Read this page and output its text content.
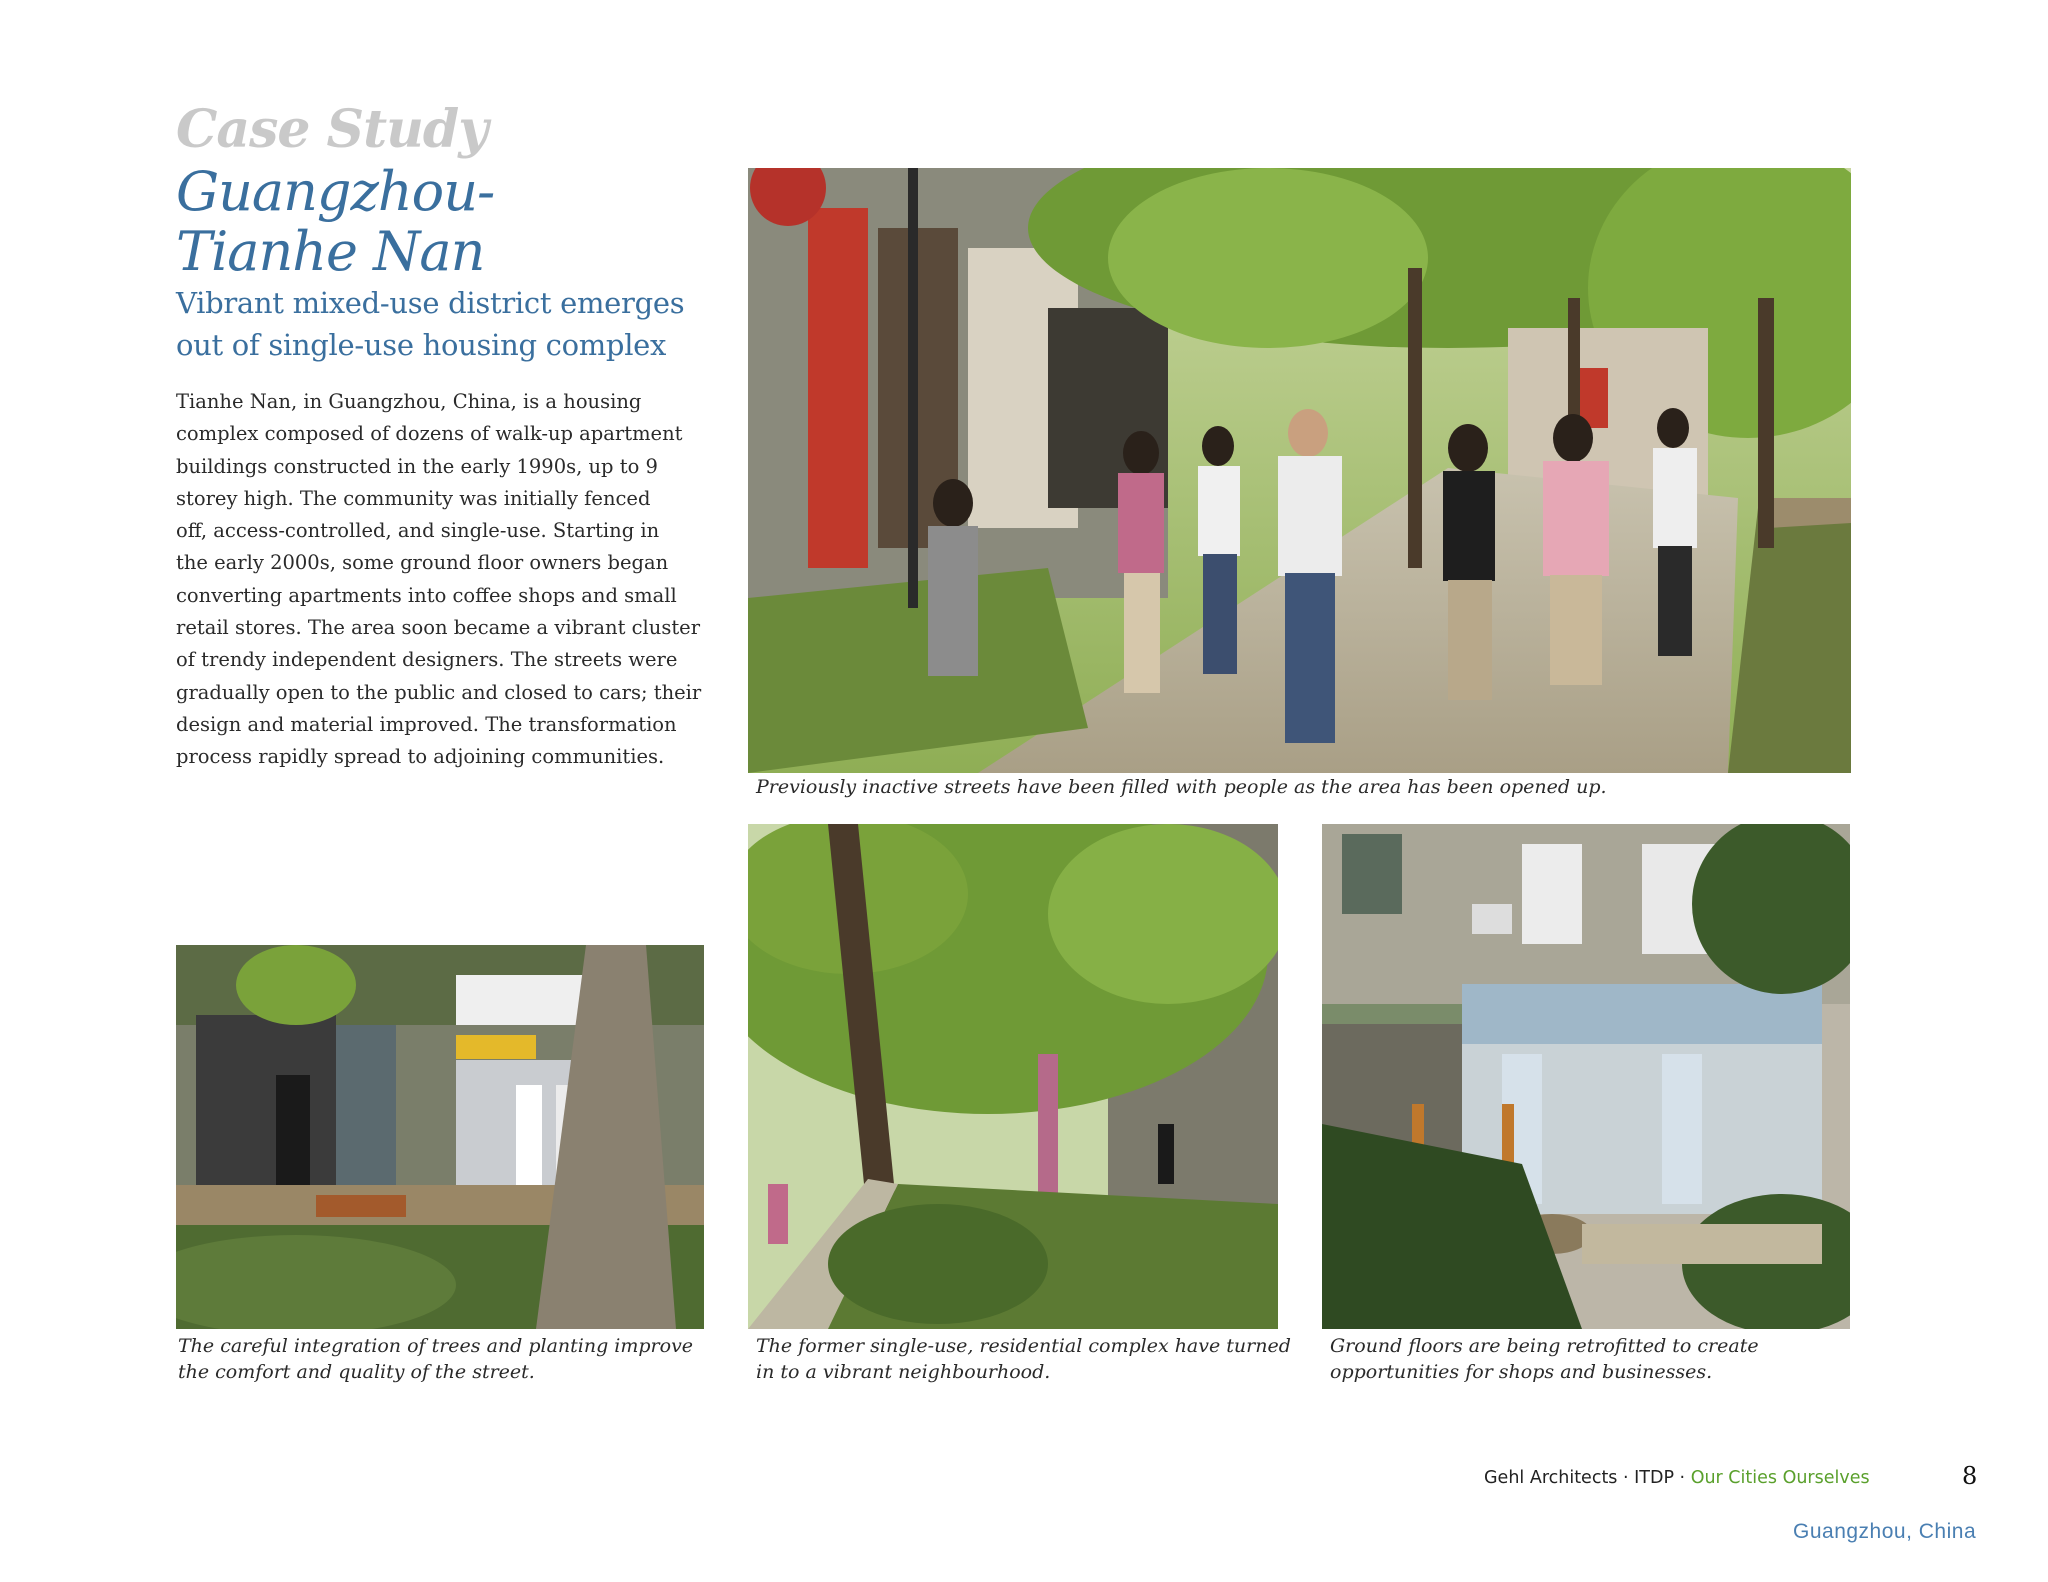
Case Study
Guangzhou-
Tianhe Nan
Vibrant mixed-use district emerges
out of single-use housing complex
Tianhe Nan, in Guangzhou, China, is a housing
complex composed of dozens of walk-up apartment
buildings constructed in the early 1990s, up to 9
storey high. The community was initially fenced
off, access-controlled, and single-use. Starting in
the early 2000s, some ground floor owners began
converting apartments into coffee shops and small
retail stores. The area soon became a vibrant cluster
of trendy independent designers. The streets were
gradually open to the public and closed to cars; their
design and material improved. The transformation
process rapidly spread to adjoining communities.
Previously inactive streets have been filled with people as the area has been opened up.
The careful integration of trees and planting improve
the comfort and quality of the street.
The former single-use, residential complex have turned
in to a vibrant neighbourhood.
Ground floors are being retrofitted to create
opportunities for shops and businesses.
Gehl Architects · ITDP · Our Cities Ourselves	8
Guangzhou, China
